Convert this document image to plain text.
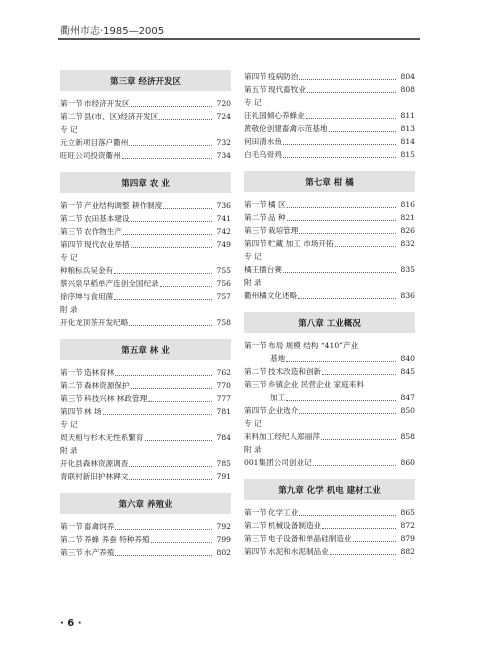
衢州市志·1985—2005
第三章 经济开发区
第一节 市经济开发区	720
第二节 县(市、区)经济开发区	724
专 记
元立新项目落户衢州	732
旺旺公司投资衢州	734
第四章 农 业
第一节 产业结构调整 耕作制度	736
第二节 农田基本建设	741
第三节 农作物生产	742
第四节 现代农业举措	749
专 记
种粮标兵吴金有	755
蔡兴泉早稻单产连创全国纪录	756
徐序坤与食用菌	757
附 录
开化龙顶茶开发纪略	758
第五章 林 业
第一节 造林育林	762
第二节 森林资源保护	770
第三节 科技兴林 林政管理	777
第四节 林 场	781
专 记
周天相与杉木无性系繁育	784
附 录
开化县森林资源调查	785
青联村新旧护林碑文	791
第六章 养殖业
第一节 畜禽饲养	792
第二节 养蜂 养蚕 特种养殖	799
第三节 水产养殖	802
第四节 疫病防治	804
第五节 现代畜牧业	808
专 记
汪礼国倾心养蜂业	811
黄敬伦创建畜禽示范基地	813
何田清水鱼	814
白毛乌骨鸡	815
第七章 柑 橘
第一节 橘 区	816
第二节 品 种	821
第三节 栽培管理	826
第四节 贮藏 加工 市场开拓	832
专 记
橘王擂台赛	835
附 录
衢州橘文化述略	836
第八章 工业概况
第一节 布局 规模 结构 “410”产业
基地	840
第二节 技术改造和创新	845
第三节 乡镇企业 民营企业 家庭来料
加工	847
第四节 企业选介	850
专 记
来料加工经纪人郑丽萍	858
附 录
001集团公司创业记	860
第九章 化学 机电 建材工业
第一节 化学工业	865
第二节 机械设备制造业	872
第三节 电子设备和单晶硅制造业	879
第四节 水泥和水泥制品业	882
· 6 ·
